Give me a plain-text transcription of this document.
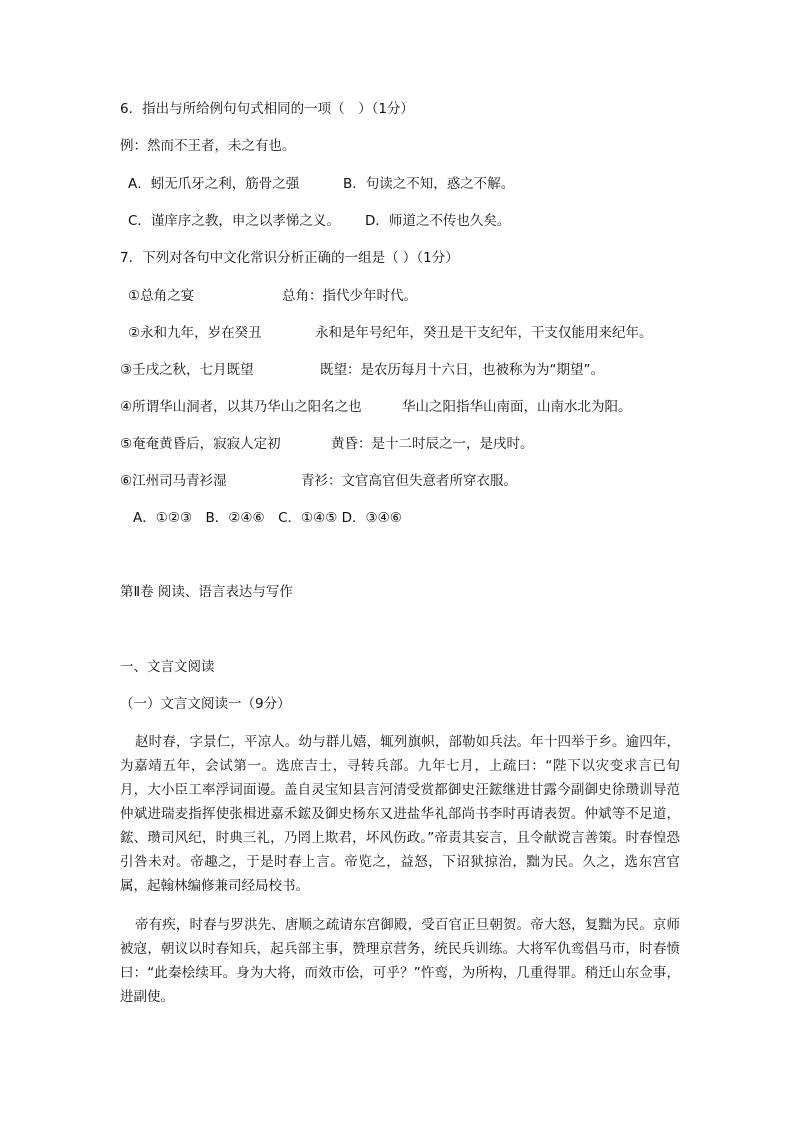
6．指出与所给例句句式相同的一项（　）（1分）
例：然而不王者，未之有也。
A．蚓无爪牙之利，筋骨之强	B．句读之不知，惑之不解。
C．谨庠序之教，申之以孝悌之义。 D．师道之不传也久矣。
7．下列对各句中文化常识分析正确的一组是（ ）（1分）
①总角之宴	总角：指代少年时代。
②永和九年，岁在癸丑	永和是年号纪年，癸丑是干支纪年，干支仅能用来纪年。
③壬戌之秋，七月既望	既望：是农历每月十六日，也被称为为“期望”。
④所谓华山洞者，以其乃华山之阳名之也	华山之阳指华山南面，山南水北为阳。
⑤奄奄黄昏后，寂寂人定初	黄昏：是十二时辰之一，是戌时。
⑥江州司马青衫湿	青衫：文官高官但失意者所穿衣服。
A．①②③　B．②④⑥　C．①④⑤ D．③④⑥
第Ⅱ卷 阅读、语言表达与写作
一、文言文阅读
（一）文言文阅读一（9分）
赵时春，字景仁，平凉人。幼与群儿嬉，辄列旗帜，部勒如兵法。年十四举于乡。逾四年，为嘉靖五年，会试第一。选庶吉士，寻转兵部。九年七月，上疏曰：“陛下以灾变求言已旬月，大小臣工率浮词面谩。盖自灵宝知县言河清受赏都御史汪鋐继进甘露今副御史徐瓒训导范仲斌进瑞麦指挥使张楫进嘉禾鋐及御史杨东又进盐华礼部尚书李时再请表贺。仲斌等不足道，鋐、瓒司风纪，时典三礼，乃罔上欺君，坏风伤政。”帝责其妄言，且令献谠言善策。时春惶恐引咎未对。帝趣之，于是时春上言。帝览之，益怒，下诏狱掠治，黜为民。久之，选东宫官属，起翰林编修兼司经局校书。
帝有疾，时春与罗洪先、唐顺之疏请东宫御殿，受百官正旦朝贺。帝大怒，复黜为民。京师被寇，朝议以时春知兵，起兵部主事，赞理京营务，统民兵训练。大将军仇鸾倡马市，时春愤曰：“此秦桧续耳。身为大将，而效市侩，可乎？”忤鸾，为所构，几重得罪。稍迁山东佥事，进副使。
